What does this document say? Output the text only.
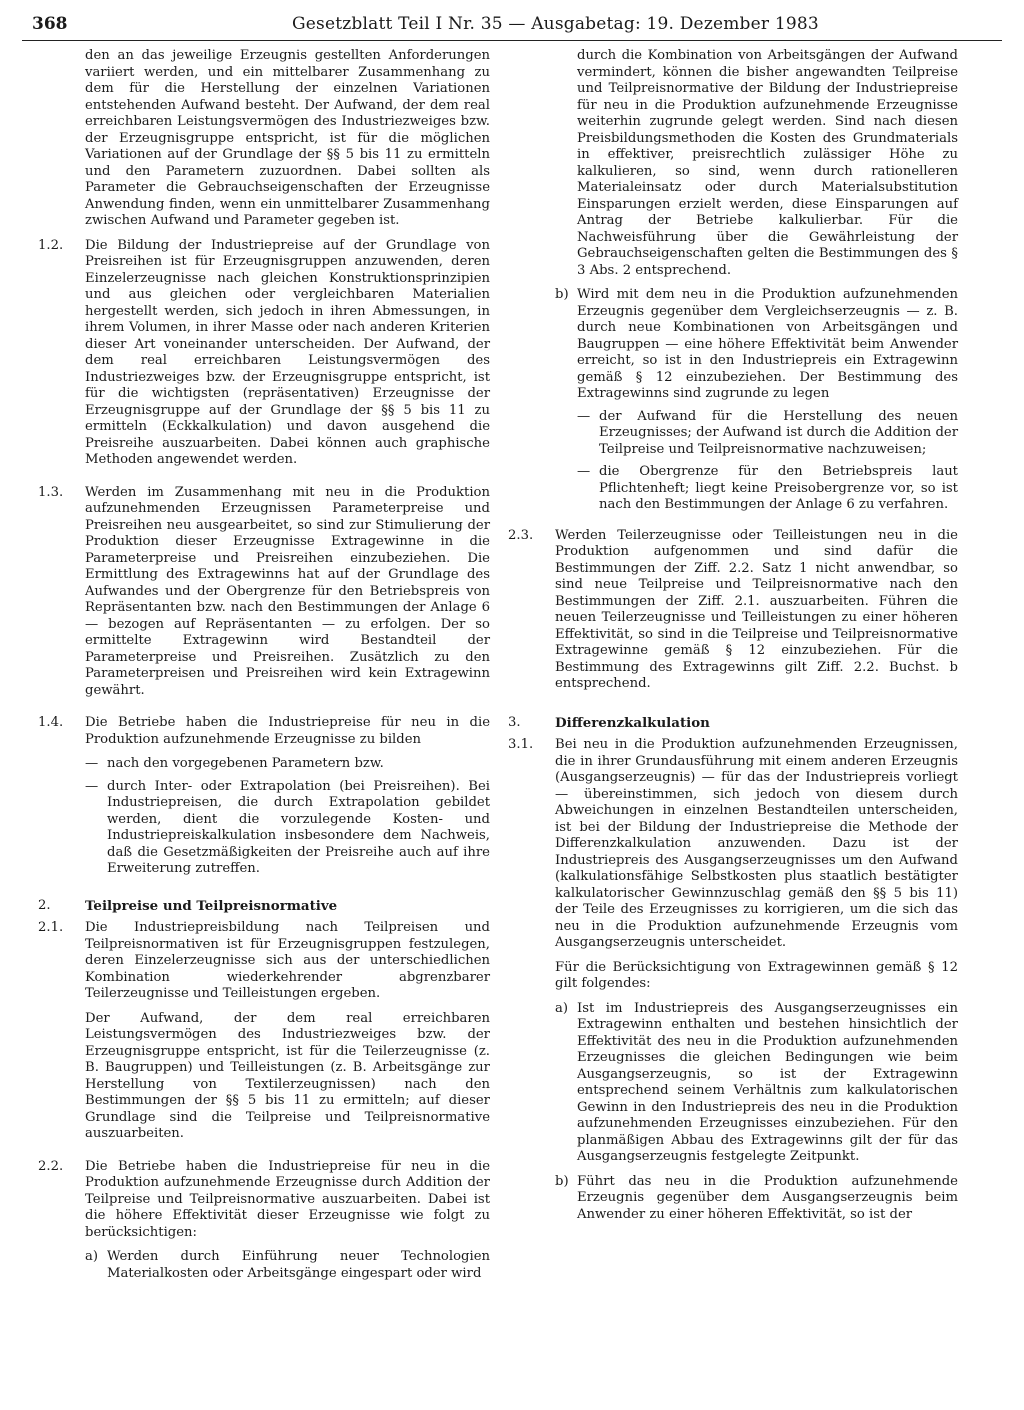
368	Gesetzblatt Teil I Nr. 35 — Ausgabetag: 19. Dezember 1983

den an das jeweilige Erzeugnis gestellten Anforderungen variiert werden, und ein mittelbarer Zusammenhang zu dem für die Herstellung der einzelnen Variationen entstehenden Aufwand besteht. Der Aufwand, der dem real erreichbaren Leistungsvermögen des Industriezweiges bzw. der Erzeugnisgruppe entspricht, ist für die möglichen Variationen auf der Grundlage der §§ 5 bis 11 zu ermitteln und den Parametern zuzuordnen. Dabei sollten als Parameter die Gebrauchseigenschaften der Erzeugnisse Anwendung finden, wenn ein unmittelbarer Zusammenhang zwischen Aufwand und Parameter gegeben ist.

1.2.	Die Bildung der Industriepreise auf der Grundlage von Preisreihen ist für Erzeugnisgruppen anzuwenden, deren Einzelerzeugnisse nach gleichen Konstruktionsprinzipien und aus gleichen oder vergleichbaren Materialien hergestellt werden, sich jedoch in ihren Abmessungen, in ihrem Volumen, in ihrer Masse oder nach anderen Kriterien dieser Art voneinander unterscheiden. Der Aufwand, der dem real erreichbaren Leistungsvermögen des Industriezweiges bzw. der Erzeugnisgruppe entspricht, ist für die wichtigsten (repräsentativen) Erzeugnisse der Erzeugnisgruppe auf der Grundlage der §§ 5 bis 11 zu ermitteln (Eckkalkulation) und davon ausgehend die Preisreihe auszuarbeiten. Dabei können auch graphische Methoden angewendet werden.

1.3.	Werden im Zusammenhang mit neu in die Produktion aufzunehmenden Erzeugnissen Parameterpreise und Preisreihen neu ausgearbeitet, so sind zur Stimulierung der Produktion dieser Erzeugnisse Extragewinne in die Parameterpreise und Preisreihen einzubeziehen. Die Ermittlung des Extragewinns hat auf der Grundlage des Aufwandes und der Obergrenze für den Betriebspreis von Repräsentanten bzw. nach den Bestimmungen der Anlage 6 — bezogen auf Repräsentanten — zu erfolgen. Der so ermittelte Extragewinn wird Bestandteil der Parameterpreise und Preisreihen. Zusätzlich zu den Parameterpreisen und Preisreihen wird kein Extragewinn gewährt.

1.4.	Die Betriebe haben die Industriepreise für neu in die Produktion aufzunehmende Erzeugnisse zu bilden

— nach den vorgegebenen Parametern bzw.
— durch Inter- oder Extrapolation (bei Preisreihen). Bei Industriepreisen, die durch Extrapolation gebildet werden, dient die vorzulegende Kosten- und Industriepreiskalkulation insbesondere dem Nachweis, daß die Gesetzmäßigkeiten der Preisreihe auch auf ihre Erweiterung zutreffen.
2.	Teilpreise und Teilpreisnormative
2.1.	Die Industriepreisbildung nach Teilpreisen und Teilpreisnormativen ist für Erzeugnisgruppen festzulegen, deren Einzelerzeugnisse sich aus der unterschiedlichen Kombination wiederkehrender abgrenzbarer Teilerzeugnisse und Teilleistungen ergeben.

Der Aufwand, der dem real erreichbaren Leistungsvermögen des Industriezweiges bzw. der Erzeugnisgruppe entspricht, ist für die Teilerzeugnisse (z. B. Baugruppen) und Teilleistungen (z. B. Arbeitsgänge zur Herstellung von Textilerzeugnissen) nach den Bestimmungen der §§ 5 bis 11 zu ermitteln; auf dieser Grundlage sind die Teilpreise und Teilpreisnormative auszuarbeiten.

2.2.	Die Betriebe haben die Industriepreise für neu in die Produktion aufzunehmende Erzeugnisse durch Addition der Teilpreise und Teilpreisnormative auszuarbeiten. Dabei ist die höhere Effektivität dieser Erzeugnisse wie folgt zu berücksichtigen:

a) Werden durch Einführung neuer Technologien Materialkosten oder Arbeitsgänge eingespart oder wird

durch die Kombination von Arbeitsgängen der Aufwand vermindert, können die bisher angewandten Teilpreise und Teilpreisnormative der Bildung der Industriepreise für neu in die Produktion aufzunehmende Erzeugnisse weiterhin zugrunde gelegt werden. Sind nach diesen Preisbildungsmethoden die Kosten des Grundmaterials in effektiver, preisrechtlich zulässiger Höhe zu kalkulieren, so sind, wenn durch rationelleren Materialeinsatz oder durch Materialsubstitution Einsparungen erzielt werden, diese Einsparungen auf Antrag der Betriebe kalkulierbar. Für die Nachweisführung über die Gewährleistung der Gebrauchseigenschaften gelten die Bestimmungen des § 3 Abs. 2 entsprechend.

b) Wird mit dem neu in die Produktion aufzunehmenden Erzeugnis gegenüber dem Vergleichserzeugnis — z. B. durch neue Kombinationen von Arbeitsgängen und Baugruppen — eine höhere Effektivität beim Anwender erreicht, so ist in den Industriepreis ein Extragewinn gemäß § 12 einzubeziehen. Der Bestimmung des Extragewinns sind zugrunde zu legen
— der Aufwand für die Herstellung des neuen Erzeugnisses; der Aufwand ist durch die Addition der Teilpreise und Teilpreisnormative nachzuweisen;
— die Obergrenze für den Betriebspreis laut Pflichtenheft; liegt keine Preisobergrenze vor, so ist nach den Bestimmungen der Anlage 6 zu verfahren.
2.3.	Werden Teilerzeugnisse oder Teilleistungen neu in die Produktion aufgenommen und sind dafür die Bestimmungen der Ziff. 2.2. Satz 1 nicht anwendbar, so sind neue Teilpreise und Teilpreisnormative nach den Bestimmungen der Ziff. 2.1. auszuarbeiten. Führen die neuen Teilerzeugnisse und Teilleistungen zu einer höheren Effektivität, so sind in die Teilpreise und Teilpreisnormative Extragewinne gemäß § 12 einzubeziehen. Für die Bestimmung des Extragewinns gilt Ziff. 2.2. Buchst. b entsprechend.

3.	Differenzkalkulation
3.1.	Bei neu in die Produktion aufzunehmenden Erzeugnissen, die in ihrer Grundausführung mit einem anderen Erzeugnis (Ausgangserzeugnis) — für das der Industriepreis vorliegt — übereinstimmen, sich jedoch von diesem durch Abweichungen in einzelnen Bestandteilen unterscheiden, ist bei der Bildung der Industriepreise die Methode der Differenzkalkulation anzuwenden. Dazu ist der Industriepreis des Ausgangserzeugnisses um den Aufwand (kalkulationsfähige Selbstkosten plus staatlich bestätigter kalkulatorischer Gewinnzuschlag gemäß den §§ 5 bis 11) der Teile des Erzeugnisses zu korrigieren, um die sich das neu in die Produktion aufzunehmende Erzeugnis vom Ausgangserzeugnis unterscheidet.

Für die Berücksichtigung von Extragewinnen gemäß § 12 gilt folgendes:

a) Ist im Industriepreis des Ausgangserzeugnisses ein Extragewinn enthalten und bestehen hinsichtlich der Effektivität des neu in die Produktion aufzunehmenden Erzeugnisses die gleichen Bedingungen wie beim Ausgangserzeugnis, so ist der Extragewinn entsprechend seinem Verhältnis zum kalkulatorischen Gewinn in den Industriepreis des neu in die Produktion aufzunehmenden Erzeugnisses einzubeziehen. Für den planmäßigen Abbau des Extragewinns gilt der für das Ausgangserzeugnis festgelegte Zeitpunkt.
b) Führt das neu in die Produktion aufzunehmende Erzeugnis gegenüber dem Ausgangserzeugnis beim Anwender zu einer höheren Effektivität, so ist der
